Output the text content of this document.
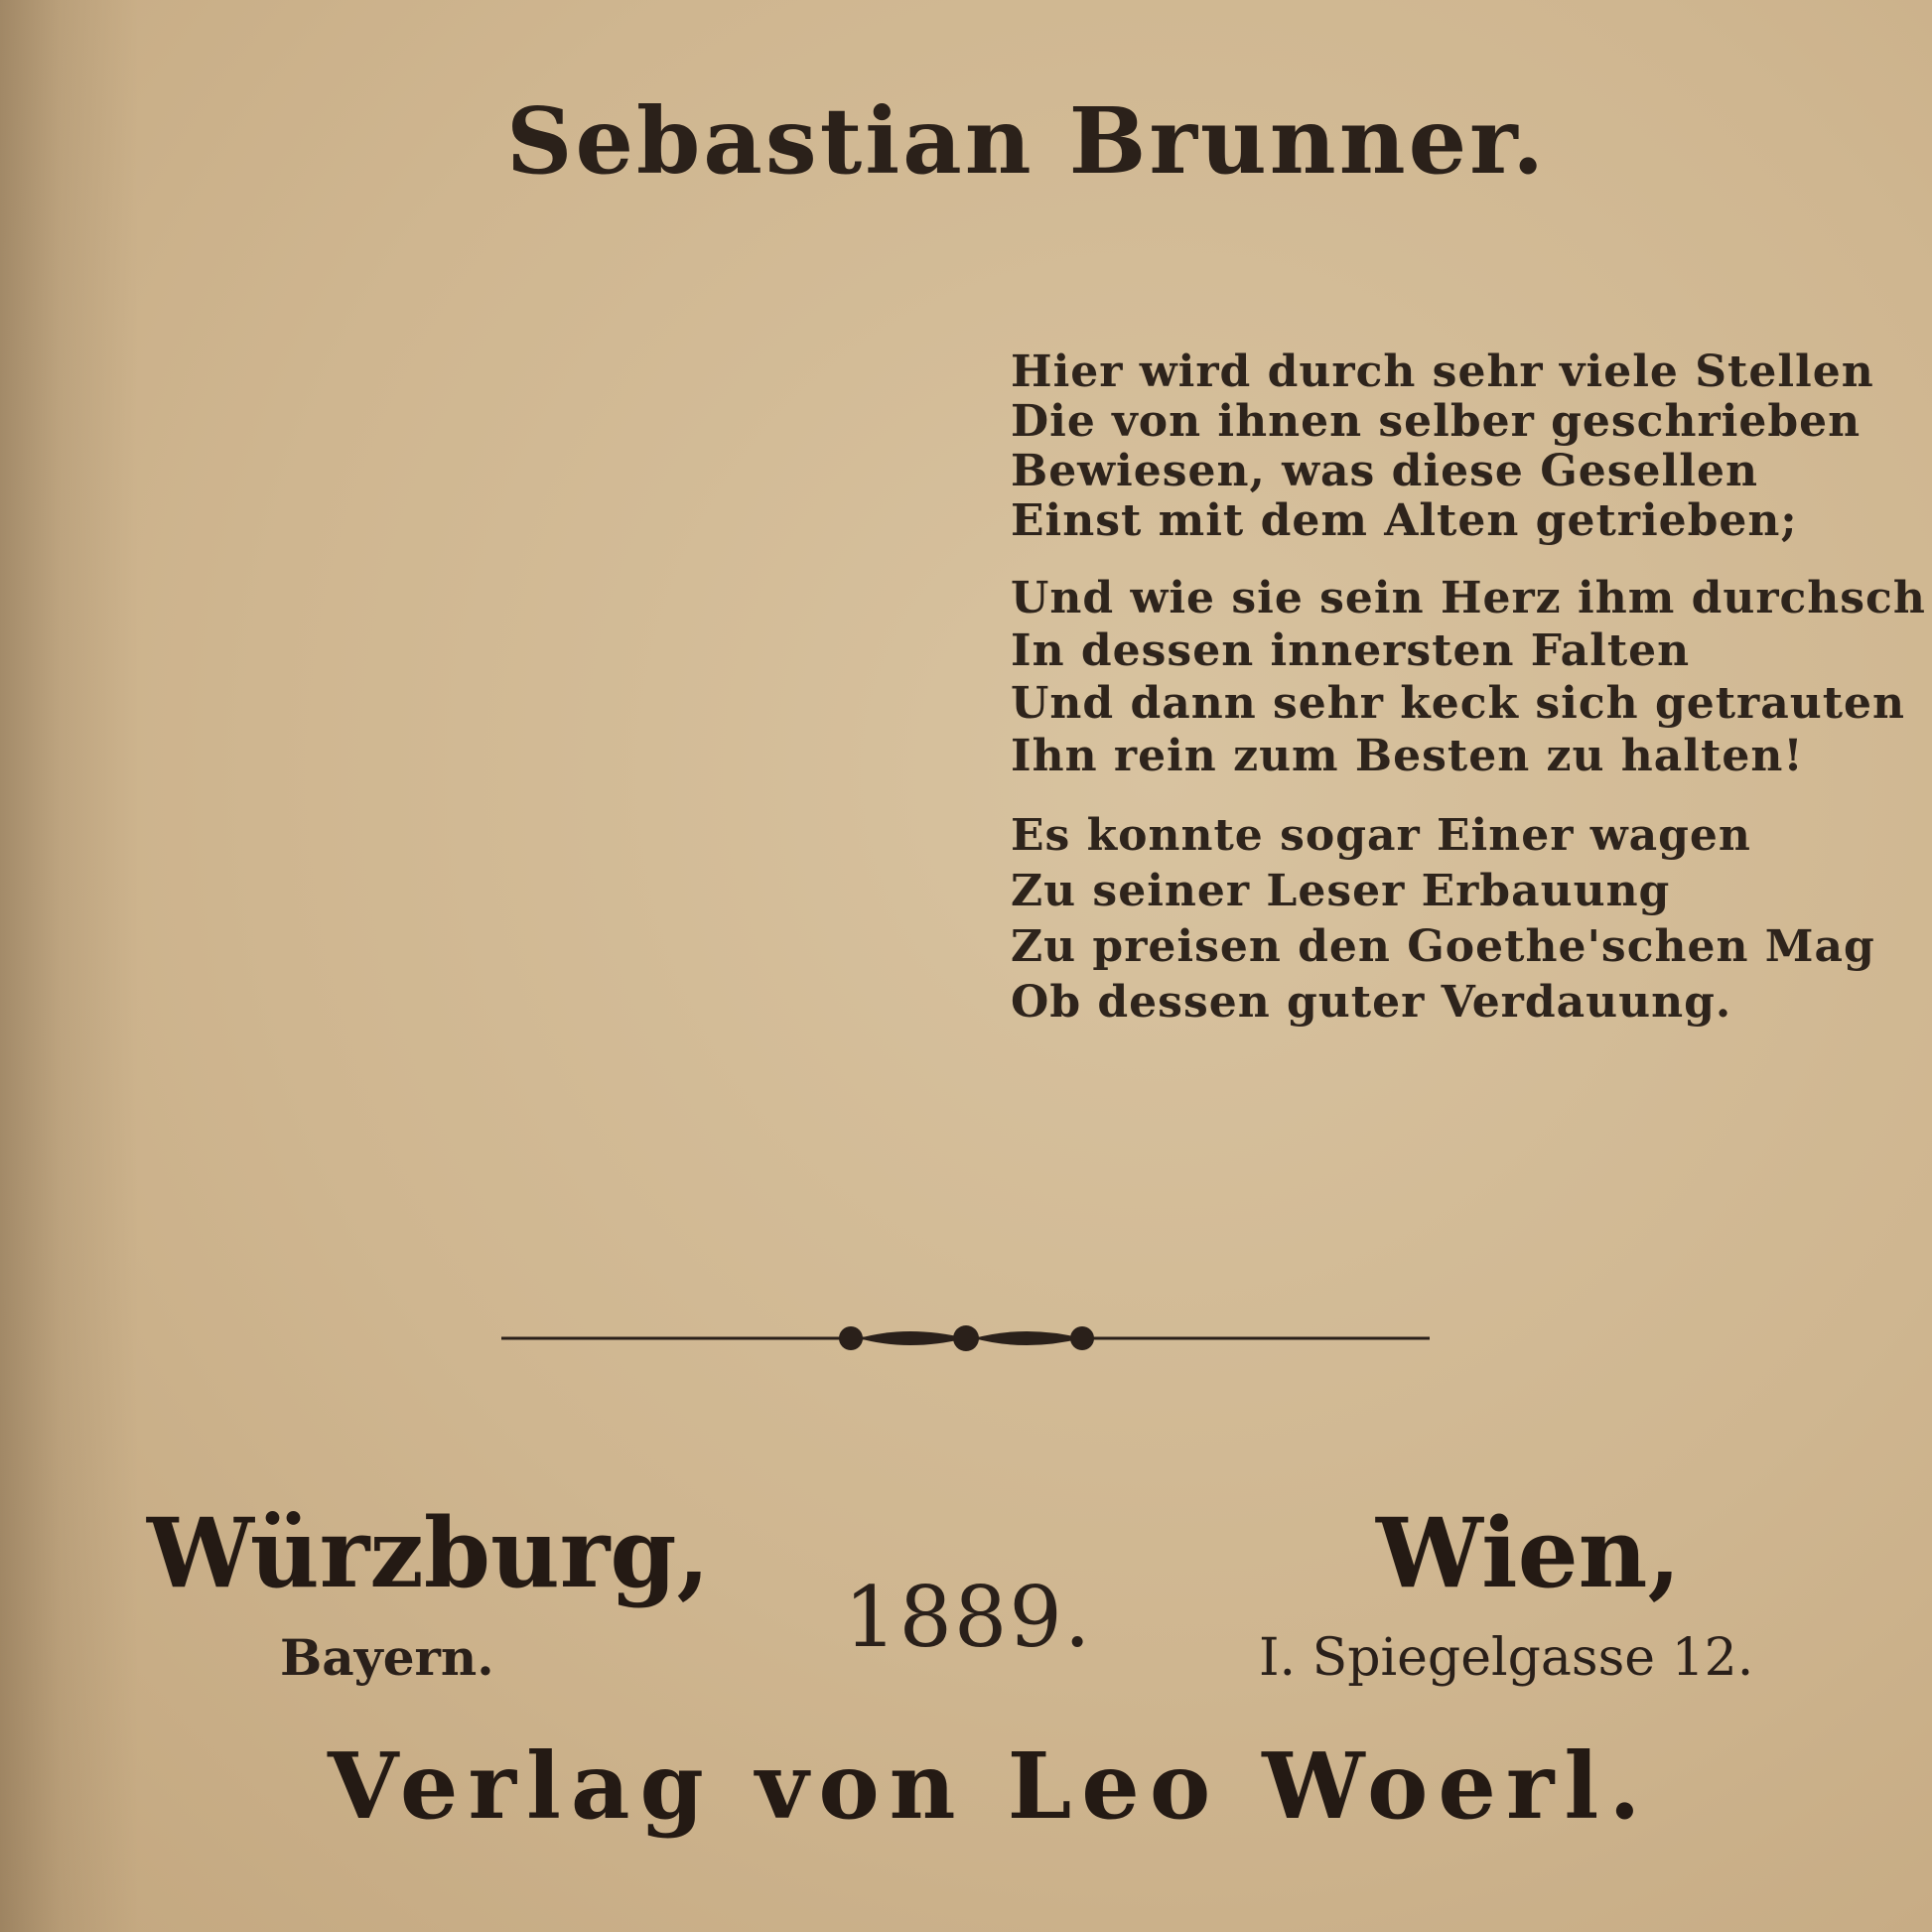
Sebastian Brunner.
Hier wird durch sehr viele Stellen
Die von ihnen selber geschrieben
Bewiesen, was diese Gesellen
Einst mit dem Alten getrieben;
Und wie sie sein Herz ihm durchsch
In dessen innersten Falten
Und dann sehr keck sich getrauten
Ihn rein zum Besten zu halten!
Es konnte sogar Einer wagen
Zu seiner Leser Erbauung
Zu preisen den Goethe'schen Mag
Ob dessen guter Verdauung.
Würzburg,
Bayern.	1889.
Wien,
I. Spiegelgasse 12.
Verlag von Leo Woerl.
